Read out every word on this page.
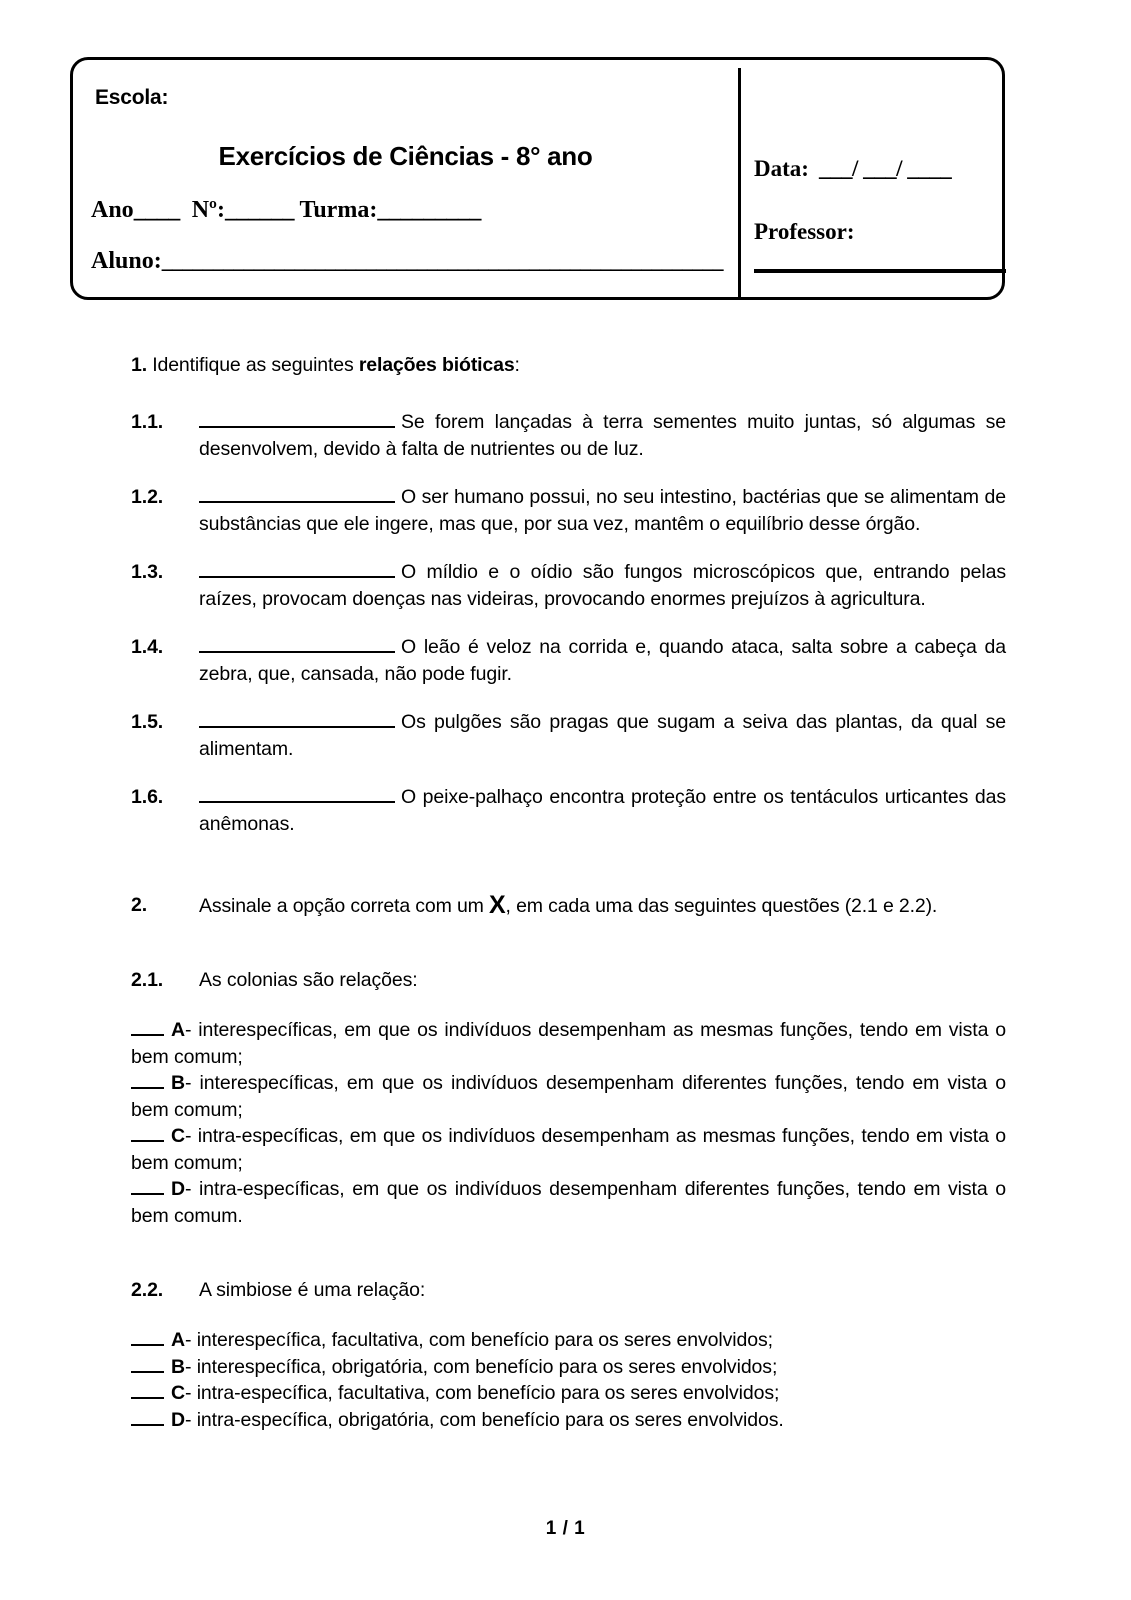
Escola:
Exercícios de Ciências - 8° ano
Ano____ Nº:______ Turma:_________
Aluno:_______________________________________________________
Data: ___/ ___/ ____
Professor:
1. Identifique as seguintes relações bióticas:
1.1.	Se forem lançadas à terra sementes muito juntas, só algumas se desenvolvem, devido à falta de nutrientes ou de luz.
1.2.	O ser humano possui, no seu intestino, bactérias que se alimentam de substâncias que ele ingere, mas que, por sua vez, mantêm o equilíbrio desse órgão.
1.3.	O míldio e o oídio são fungos microscópicos que, entrando pelas raízes, provocam doenças nas videiras, provocando enormes prejuízos à agricultura.
1.4.	O leão é veloz na corrida e, quando ataca, salta sobre a cabeça da zebra, que, cansada, não pode fugir.
1.5.	Os pulgões são pragas que sugam a seiva das plantas, da qual se alimentam.
1.6.	O peixe-palhaço encontra proteção entre os tentáculos urticantes das anêmonas.
2.	Assinale a opção correta com um X, em cada uma das seguintes questões (2.1 e 2.2).
2.1. As colonias são relações:

A- interespecíficas, em que os indivíduos desempenham as mesmas funções, tendo em vista o bem comum;

B- interespecíficas, em que os indivíduos desempenham diferentes funções, tendo em vista o bem comum;

C- intra-específicas, em que os indivíduos desempenham as mesmas funções, tendo em vista o bem comum;

D- intra-específicas, em que os indivíduos desempenham diferentes funções, tendo em vista o bem comum.

2.2. A simbiose é uma relação:

A- interespecífica, facultativa, com benefício para os seres envolvidos;

B- interespecífica, obrigatória, com benefício para os seres envolvidos;

C- intra-específica, facultativa, com benefício para os seres envolvidos;

D- intra-específica, obrigatória, com benefício para os seres envolvidos.

1 / 1
